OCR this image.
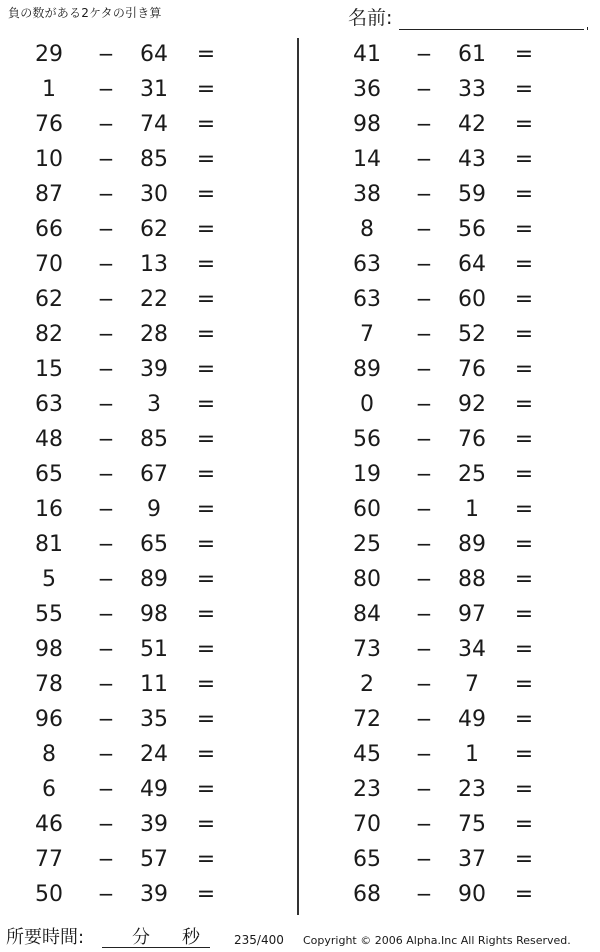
負の数がある2ケタの引き算	名前:
29	−	64	=
1	−	31	=
76	−	74	=
10	−	85	=
87	−	30	=
66	−	62	=
70	−	13	=
62	−	22	=
82	−	28	=
15	−	39	=
63	−	3	=
48	−	85	=
65	−	67	=
16	−	9	=
81	−	65	=
5	−	89	=
55	−	98	=
98	−	51	=
78	−	11	=
96	−	35	=
8	−	24	=
6	−	49	=
46	−	39	=
77	−	57	=
50	−	39	=
41	−	61	=
36	−	33	=
98	−	42	=
14	−	43	=
38	−	59	=
8	−	56	=
63	−	64	=
63	−	60	=
7	−	52	=
89	−	76	=
0	−	92	=
56	−	76	=
19	−	25	=
60	−	1	=
25	−	89	=
80	−	88	=
84	−	97	=
73	−	34	=
2	−	7	=
72	−	49	=
45	−	1	=
23	−	23	=
70	−	75	=
65	−	37	=
68	−	90	=
所要時間:	分 秒	235/400 Copyright © 2006 Alpha.Inc All Rights Reserved.
